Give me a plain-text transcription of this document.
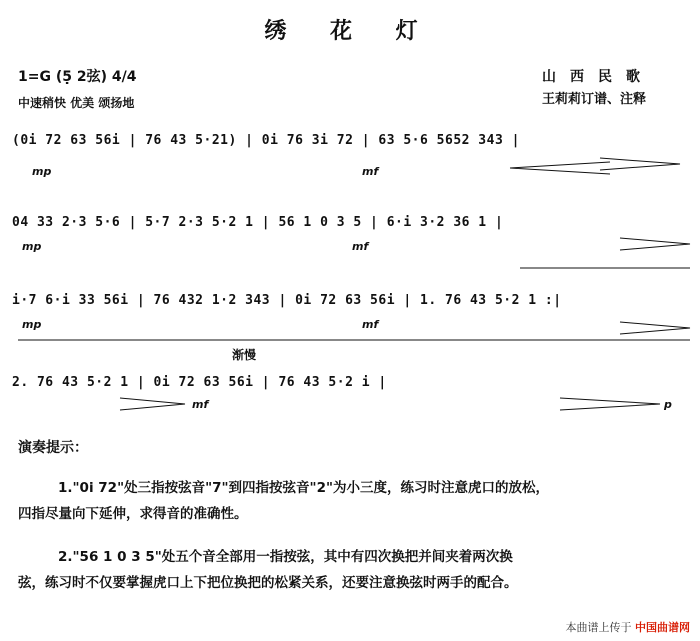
绣 花 灯
1=G (5̣ 2弦) 4/4
中速稍快 优美 颂扬地
山西民歌
王莉莉订谱、注释
(0i 72 63 56i | 76 43 5·21) | 0i 76 3i 72 | 63 5·6 5652 343 |
mp	mf
04 33 2·3 5·6 | 5·7 2·3 5·2 1 | 56 1 0 3 5 | 6·i 3·2 36 1 |
mp	mf
i·7 6·i 33 56i | 76 432 1·2 343 | 0i 72 63 56i | 1. 76 43 5·2 1 :|
mp	mf
渐慢
2. 76 43 5·2 1 | 0i 72 63 56i | 76 43 5·2 i |
mf	p
演奏提示：
1."0i 72"处三指按弦音"7"到四指按弦音"2"为小三度，练习时注意虎口的放松，
四指尽量向下延伸，求得音的准确性。
2."56 1 0 3 5"处五个音全部用一指按弦，其中有四次换把并间夹着两次换
弦，练习时不仅要掌握虎口上下把位换把的松紧关系，还要注意换弦时两手的配合。
本曲谱上传于 中国曲谱网
